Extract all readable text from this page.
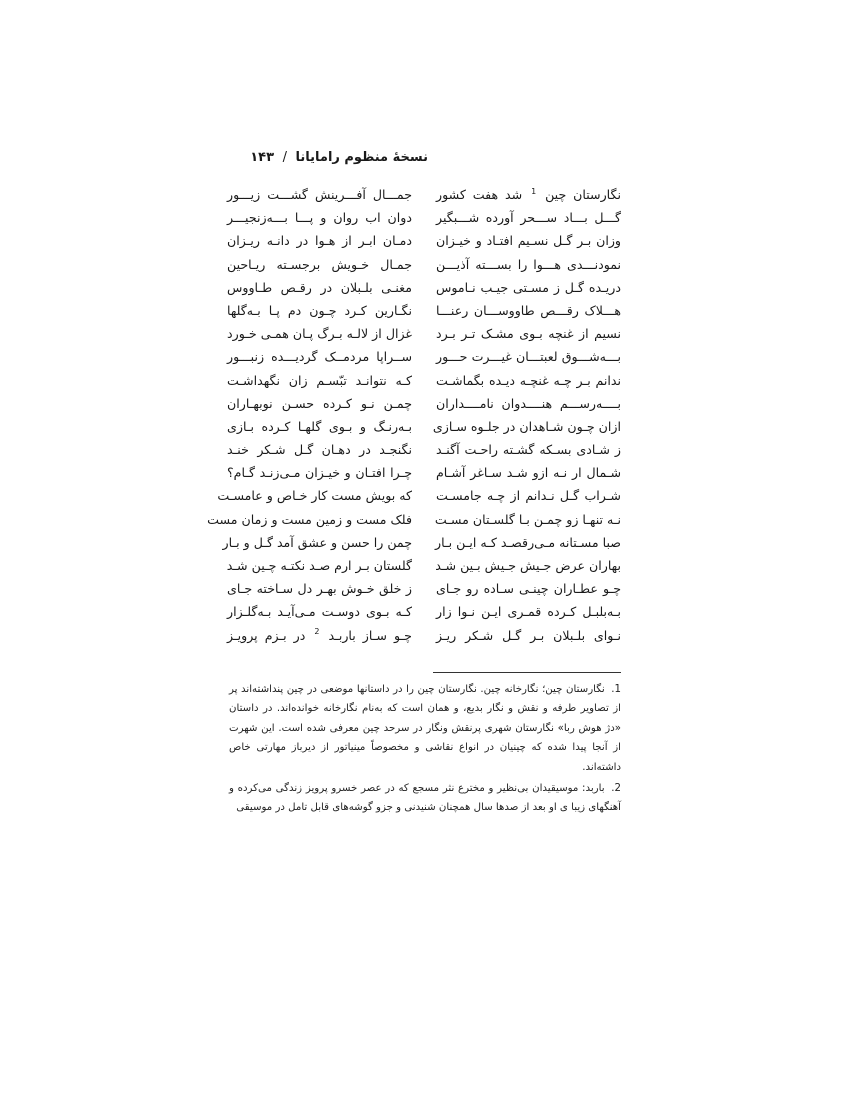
نسخهٔ منظوم رامایانا / ۱۴۳
نگارستان چین $^1$ شد هفت کشور
گـــل بـــاد ســـحر آورده شـــبگیر
وزان بـر گـل نسـیم افتـاد و خیـزان
نمودنـــدی هـــوا را بســـته آذیـــن
دریـده گـل ز مسـتی جیـب نـاموس
هـــلاک رقـــص طاووســـان رعنـــا
نسیم از غنچه بـوی مشـک تـر بـرد
بـــه‌شـــوق لعبتـــان غیـــرت حـــور
ندانم بـر چـه غنچـه دیـده بگماشـت
بــــه‌رســـم هنــــدوان نامــــداران
ازان چـون شـاهدان در جلـوه سـازی
ز شـادی بسـکه گشـته راحـت آگنـد
شـمال ار نـه ازو شـد سـاغر آشـام
شـراب گـل نـدانم از چـه جامسـت
نـه تنهـا زو چمـن بـا گلسـتان مسـت
صبا مسـتانه مـی‌رقصـد کـه ایـن بـار
بهاران عرض جـیش جـیش بـین شـد
چـو عطـاران چینـی سـاده رو جـای
بـه‌بلبـل کـرده قمـری ایـن نـوا زار
نـوای بلـبلان بـر گـل شـکر ریـز
جمـــال آفـــرینش گشـــت زیـــور
دوان اب روان و پـــا بـــه‌زنجیـــر
دمـان ابـر از هـوا در دانـه ریـزان
جمـال خـویش برجسـته ریـاحین
مغنـی بلـبلان در رقـص طـاووس
نگـارین کـرد چـون دم پـا بـه‌گلها
غزال از لالـه بـرگ پـان همـی خـورد
ســراپا مردمــک گردیـــده زنبـــور
کـه نتوانـد تبّسـم زان نگهداشـت
چمـن نـو کـرده حسـن نوبهـاران
بـه‌رنـگ و بـوی گلهـا کـرده بـازی
نگنجـد در دهـان گـل شـکر خنـد
چـرا افتـان و خیـزان مـی‌زنـد گـام؟
که بویش مست کار خـاص و عامسـت
فلک مست و زمین مست و زمان مست
چمن را حسن و عشق آمد گـل و بـار
گلستان بـر ارم صـد نکتـه چـین شـد
ز خلق خـوش بهـر دل سـاخته جـای
کـه بـوی دوسـت مـی‌آیـد بـه‌گلـزار
چـو سـاز باربـد $^2$ در بـزم پرویـز

1. نگارستان چین؛ نگارخانه چین. نگارستان چین را در داستانها موضعی در چین پنداشته‌اند پر از تصاویر طرفه و نقش و نگار بدیع، و همان است که به‌نام نگارخانه خوانده‌اند. در داستان «دژ هوش ربا» نگارستان شهری پرنقش ونگار در سرحد چین معرفی شده است. این شهرت از آنجا پیدا شده که چینیان در انواع نقاشی و مخصوصاً مینیاتور از دیرباز مهارتی خاص داشته‌اند.

2. باربد: موسیقیدان بی‌نظیر و مخترع نثر مسجع که در عصر خسرو پرویز زندگی می‌کرده و آهنگهای زیبا ی او بعد از صدها سال همچنان شنیدنی و جزو گوشه‌های قابل تامل در موسیقی
